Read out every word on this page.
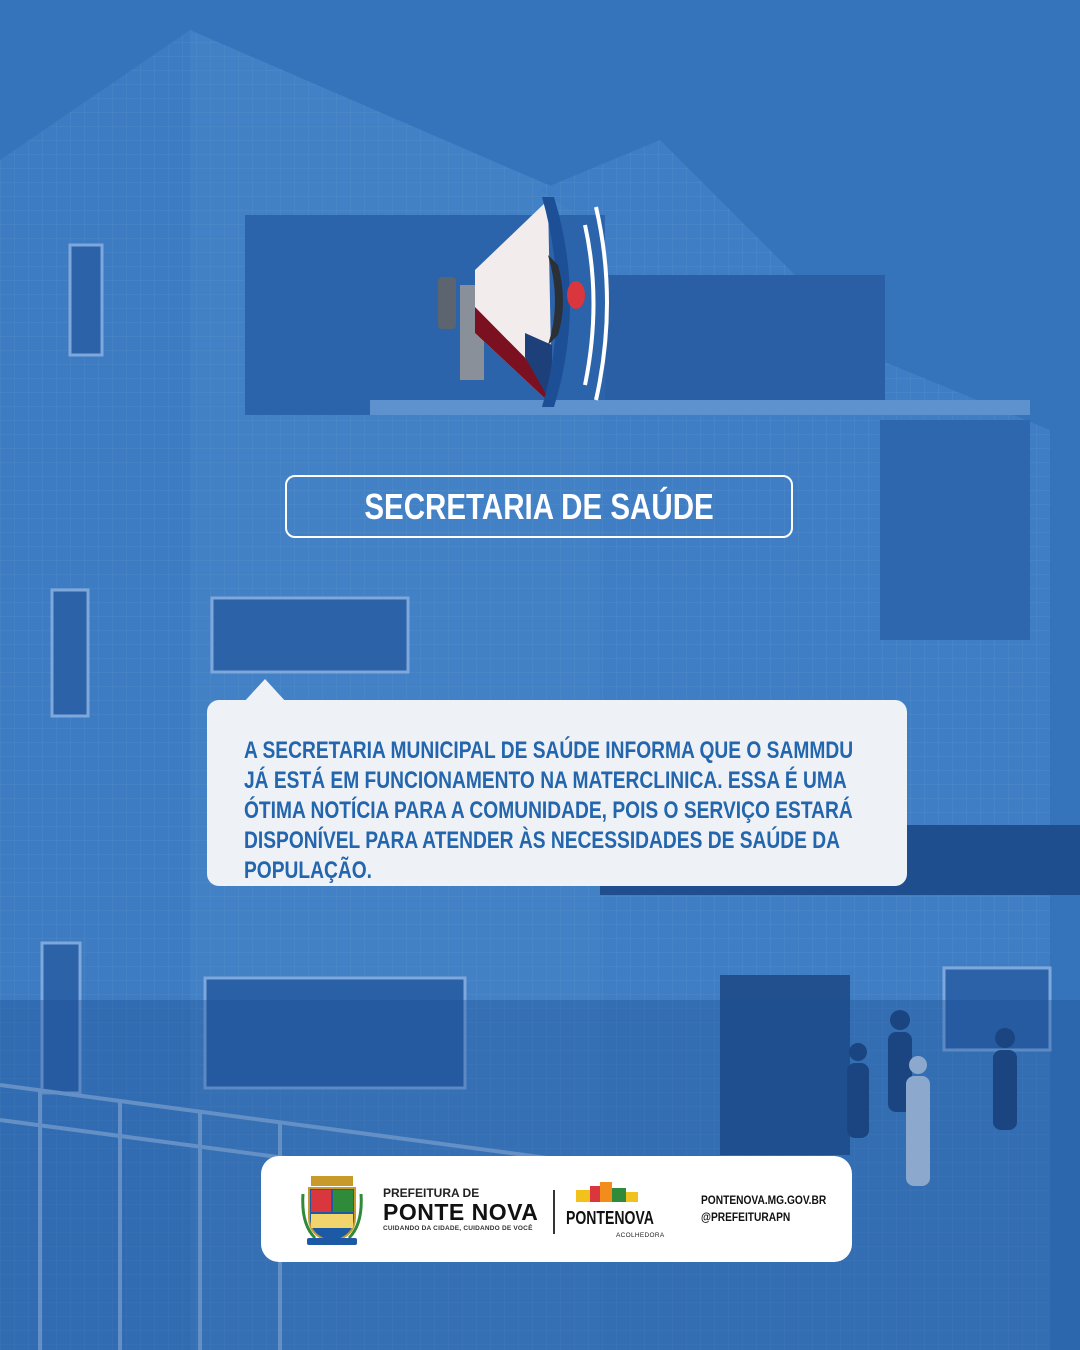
SECRETARIA DE SAÚDE

A SECRETARIA MUNICIPAL DE SAÚDE INFORMA QUE O SAMMDU JÁ ESTÁ EM FUNCIONAMENTO NA MATERCLINICA. ESSA É UMA ÓTIMA NOTÍCIA PARA A COMUNIDADE, POIS O SERVIÇO ESTARÁ DISPONÍVEL PARA ATENDER ÀS NECESSIDADES DE SAÚDE DA POPULAÇÃO.

PREFEITURA DE
PONTE NOVA
CUIDANDO DA CIDADE, CUIDANDO DE VOCÊ
PONTENOVA
ACOLHEDORA
PONTENOVA.MG.GOV.BR
@PREFEITURAPN
